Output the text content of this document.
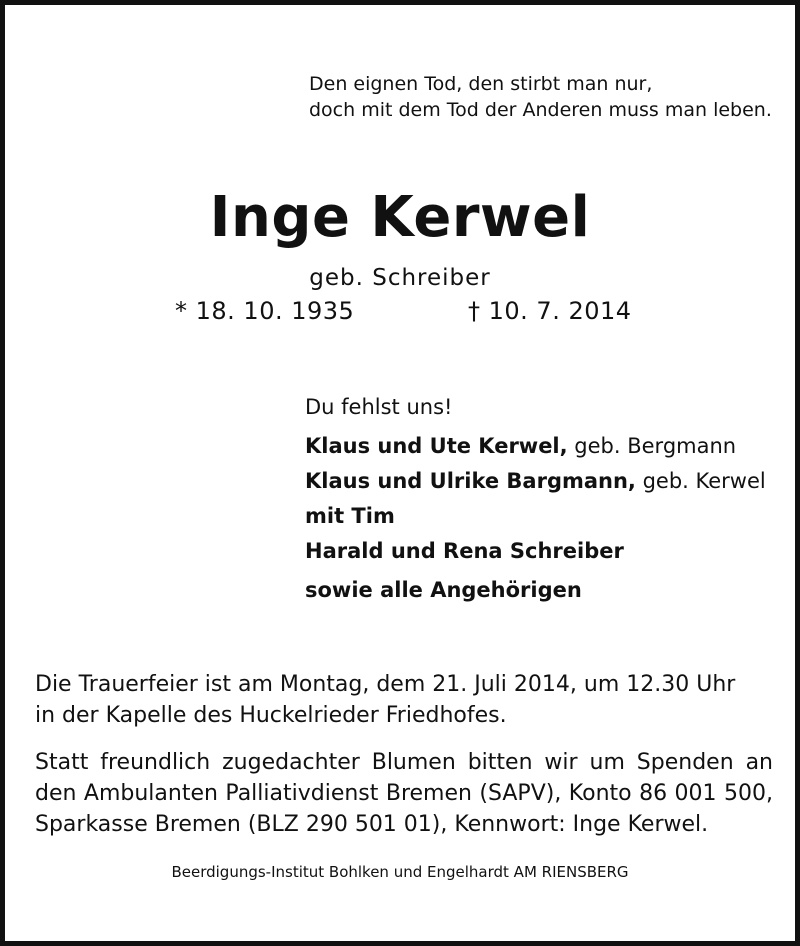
Den eignen Tod, den stirbt man nur,
doch mit dem Tod der Anderen muss man leben.
Inge Kerwel
geb. Schreiber
* 18. 10. 1935	† 10. 7. 2014
Du fehlst uns!
Klaus und Ute Kerwel, geb. Bergmann
Klaus und Ulrike Bargmann, geb. Kerwel
mit Tim
Harald und Rena Schreiber
sowie alle Angehörigen
Die Trauerfeier ist am Montag, dem 21. Juli 2014, um 12.30 Uhr
in der Kapelle des Huckelrieder Friedhofes.
Statt freundlich zugedachter Blumen bitten wir um Spenden an
den Ambulanten Palliativdienst Bremen (SAPV), Konto 86 001 500,
Sparkasse Bremen (BLZ 290 501 01), Kennwort: Inge Kerwel.
Beerdigungs-Institut Bohlken und Engelhardt AM RIENSBERG
